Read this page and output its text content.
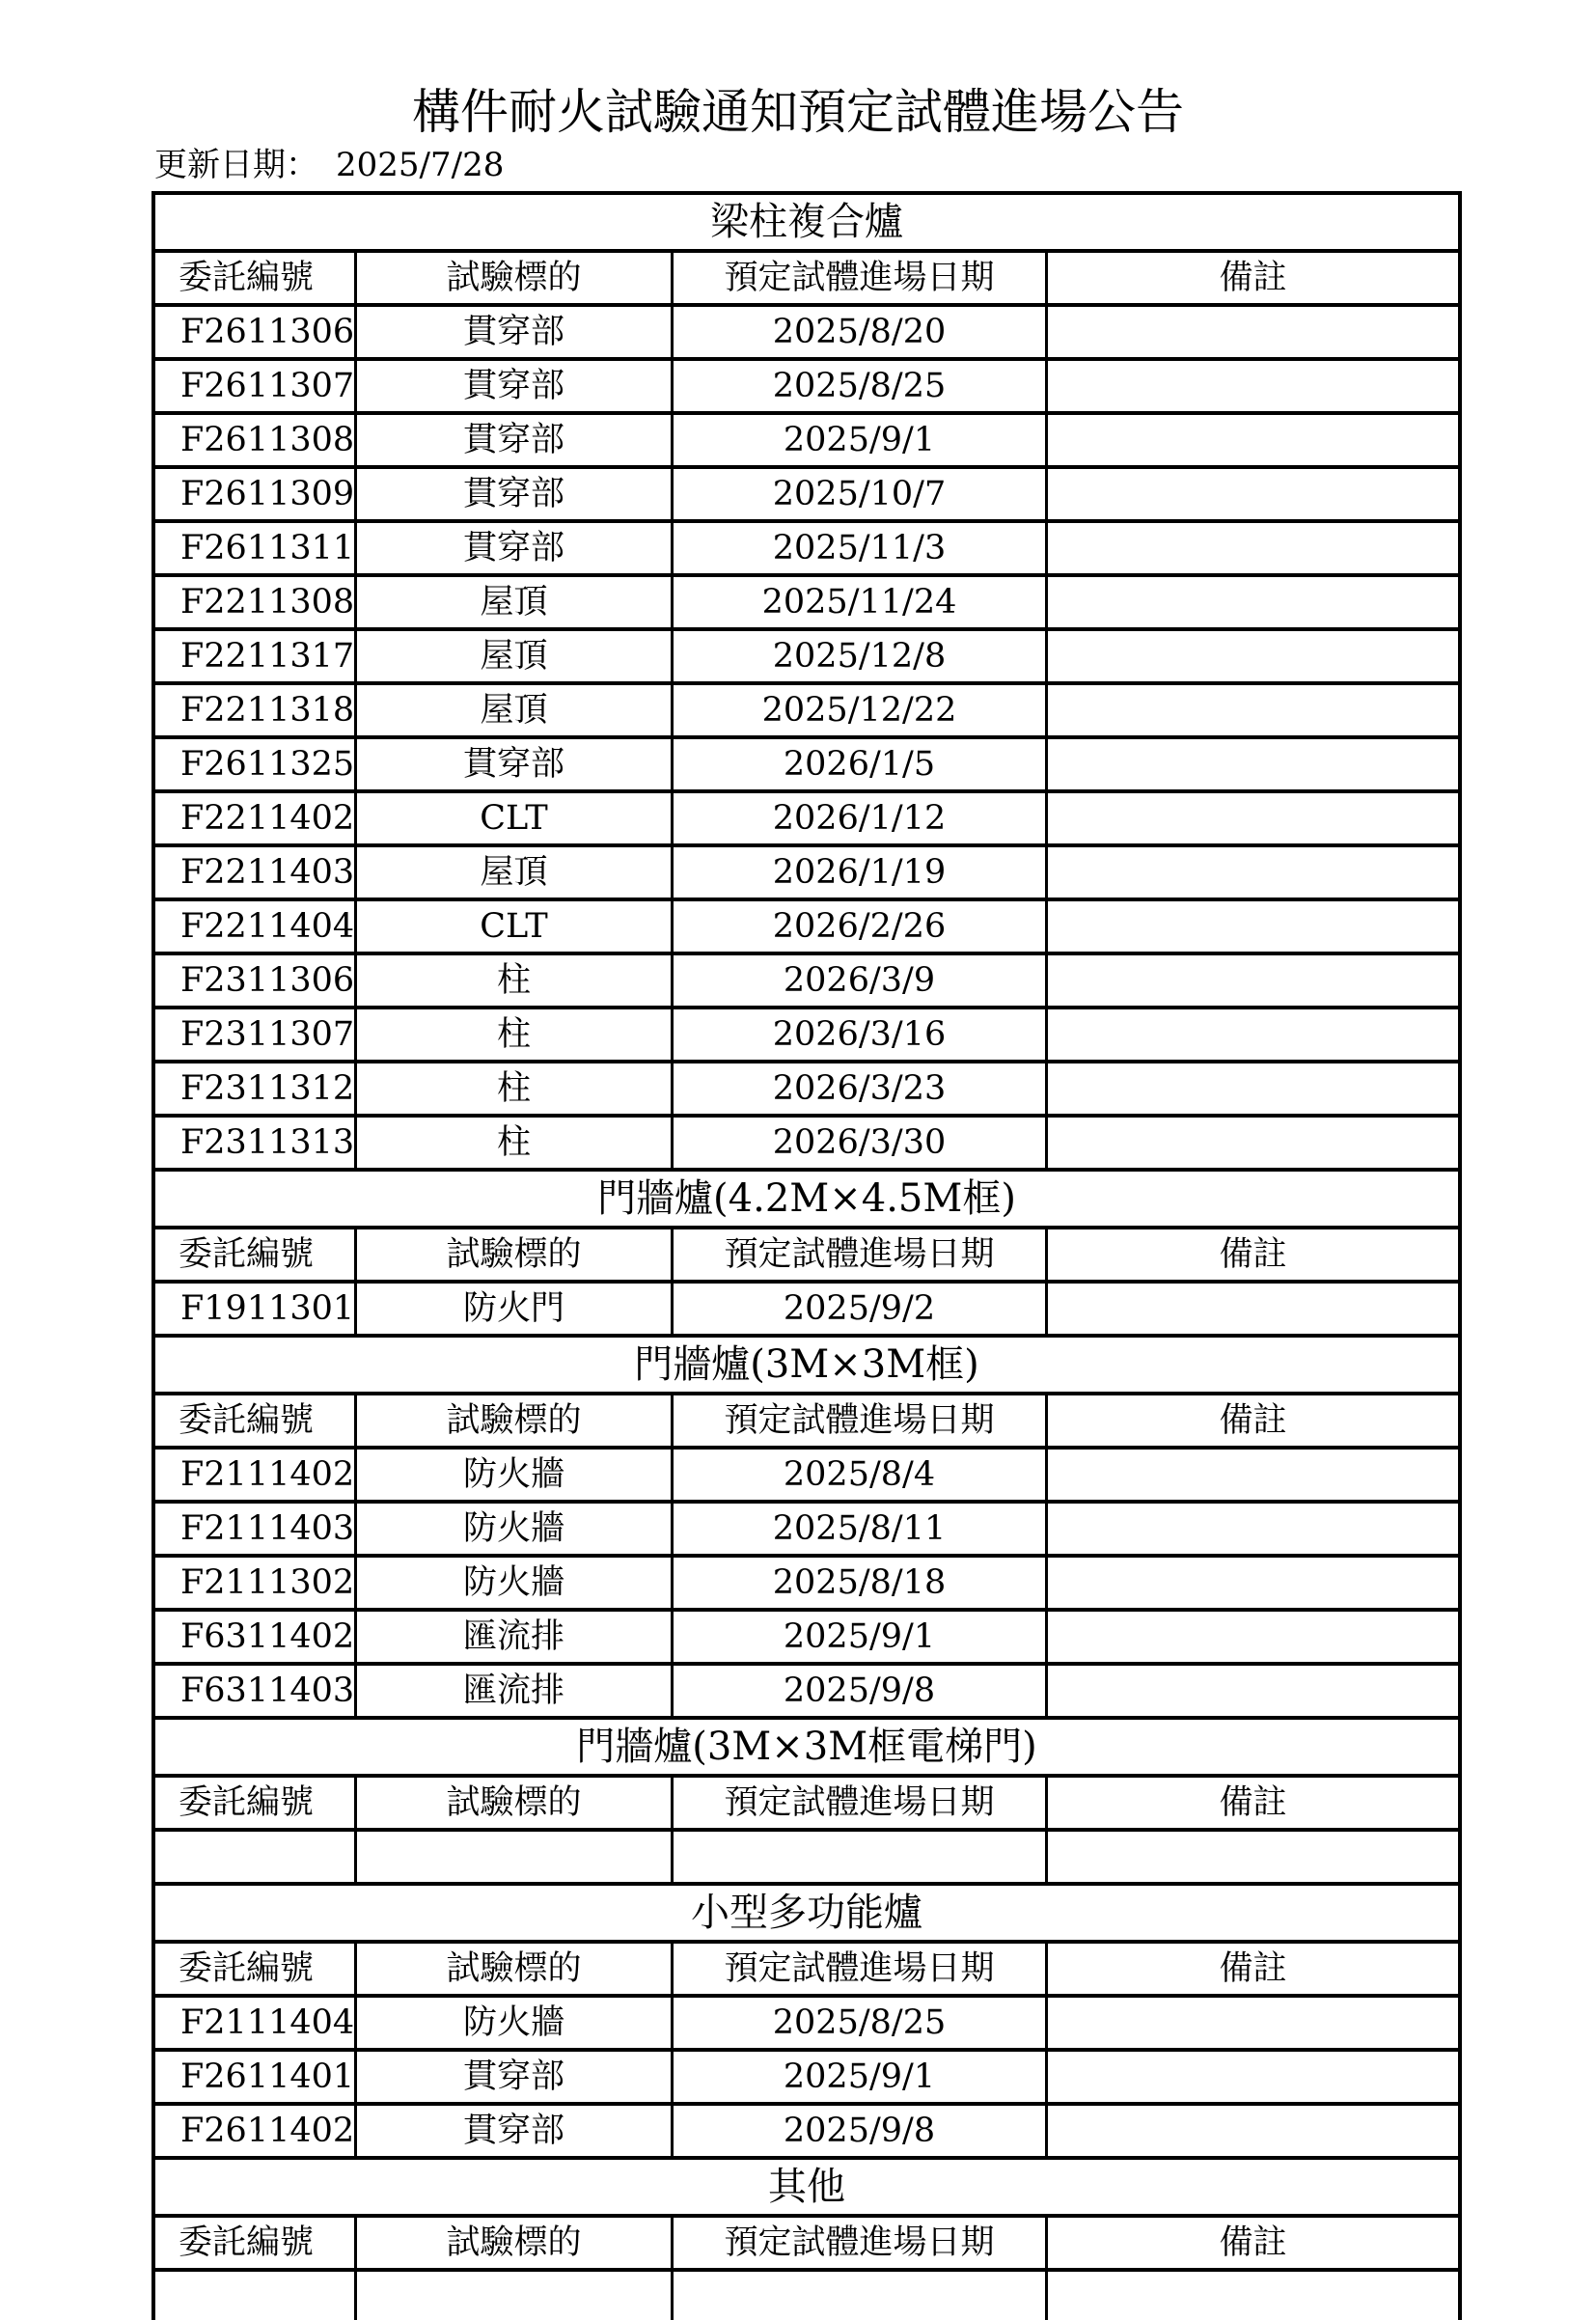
構件耐火試驗通知預定試體進場公告
更新日期： 2025/7/28
梁柱複合爐
委託編號	試驗標的	預定試體進場日期	備註
F2611306	貫穿部	2025/8/20
F2611307	貫穿部	2025/8/25
F2611308	貫穿部	2025/9/1
F2611309	貫穿部	2025/10/7
F2611311	貫穿部	2025/11/3
F2211308	屋頂	2025/11/24
F2211317	屋頂	2025/12/8
F2211318	屋頂	2025/12/22
F2611325	貫穿部	2026/1/5
F2211402	CLT	2026/1/12
F2211403	屋頂	2026/1/19
F2211404	CLT	2026/2/26
F2311306	柱	2026/3/9
F2311307	柱	2026/3/16
F2311312	柱	2026/3/23
F2311313	柱	2026/3/30
門牆爐(4.2M×4.5M框)
委託編號	試驗標的	預定試體進場日期	備註
F1911301	防火門	2025/9/2
門牆爐(3M×3M框)
委託編號	試驗標的	預定試體進場日期	備註
F2111402	防火牆	2025/8/4
F2111403	防火牆	2025/8/11
F2111302	防火牆	2025/8/18
F6311402	匯流排	2025/9/1
F6311403	匯流排	2025/9/8
門牆爐(3M×3M框電梯門)
委託編號	試驗標的	預定試體進場日期	備註
小型多功能爐
委託編號	試驗標的	預定試體進場日期	備註
F2111404	防火牆	2025/8/25
F2611401	貫穿部	2025/9/1
F2611402	貫穿部	2025/9/8
其他
委託編號	試驗標的	預定試體進場日期	備註
